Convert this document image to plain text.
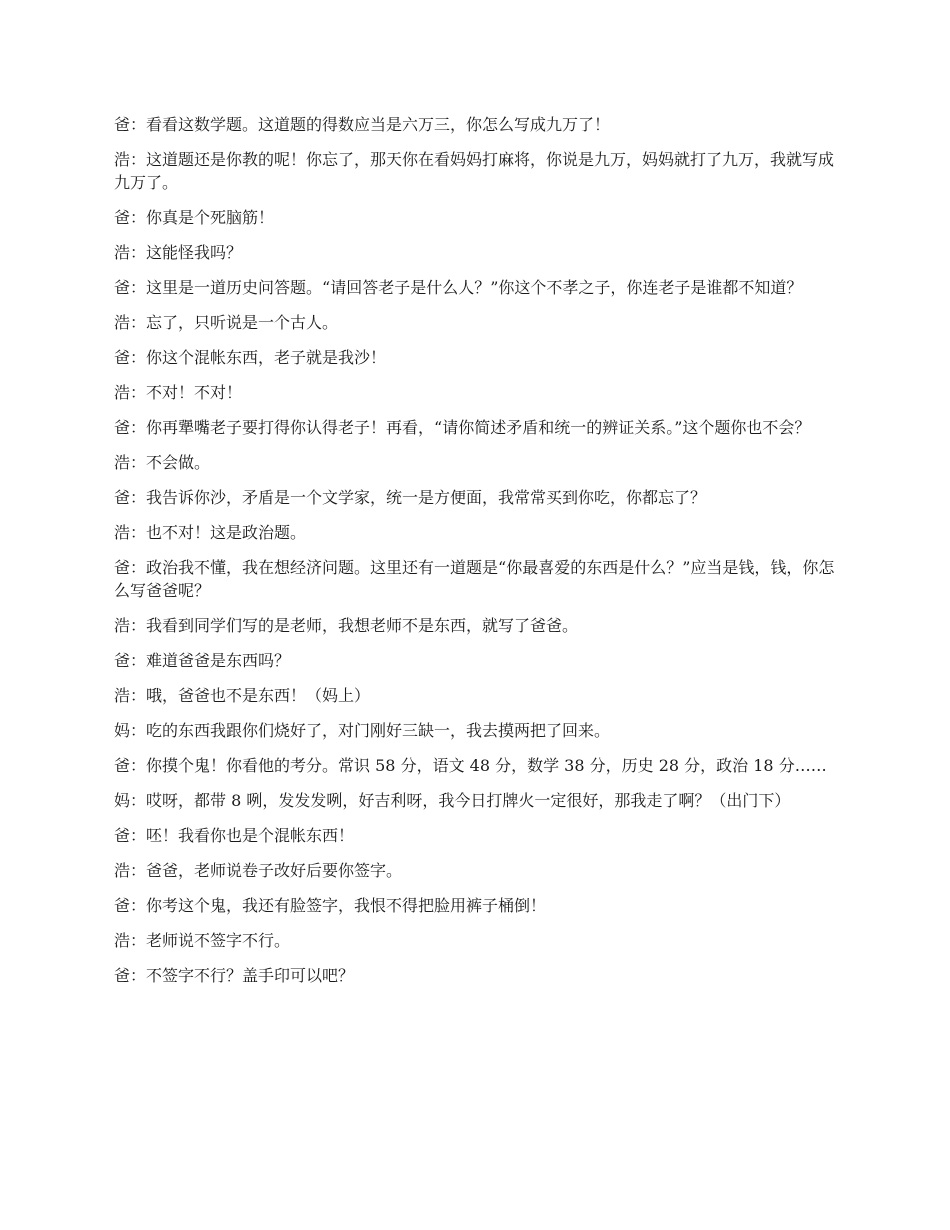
爸：看看这数学题。这道题的得数应当是六万三，你怎么写成九万了！

浩：这道题还是你教的呢！你忘了，那天你在看妈妈打麻将，你说是九万，妈妈就打了九万，我就写成九万了。

爸：你真是个死脑筋！

浩：这能怪我吗？

爸：这里是一道历史问答题。“请回答老子是什么人？”你这个不孝之子，你连老子是谁都不知道？

浩：忘了，只听说是一个古人。

爸：你这个混帐东西，老子就是我沙！

浩：不对！不对！

爸：你再犟嘴老子要打得你认得老子！再看，“请你简述矛盾和统一的辨证关系。”这个题你也不会？

浩：不会做。

爸：我告诉你沙，矛盾是一个文学家，统一是方便面，我常常买到你吃，你都忘了？

浩：也不对！这是政治题。

爸：政治我不懂，我在想经济问题。这里还有一道题是“你最喜爱的东西是什么？”应当是钱，钱，你怎么写爸爸呢？

浩：我看到同学们写的是老师，我想老师不是东西，就写了爸爸。

爸：难道爸爸是东西吗？

浩：哦，爸爸也不是东西！（妈上）

妈：吃的东西我跟你们烧好了，对门刚好三缺一，我去摸两把了回来。

爸：你摸个鬼！你看他的考分。常识 58 分，语文 48 分，数学 38 分，历史 28 分，政治 18 分……

妈：哎呀，都带 8 咧，发发发咧，好吉利呀，我今日打牌火一定很好，那我走了啊？（出门下）

爸：呸！我看你也是个混帐东西！

浩：爸爸，老师说卷子改好后要你签字。

爸：你考这个鬼，我还有脸签字，我恨不得把脸用裤子桶倒！

浩：老师说不签字不行。

爸：不签字不行？盖手印可以吧？
